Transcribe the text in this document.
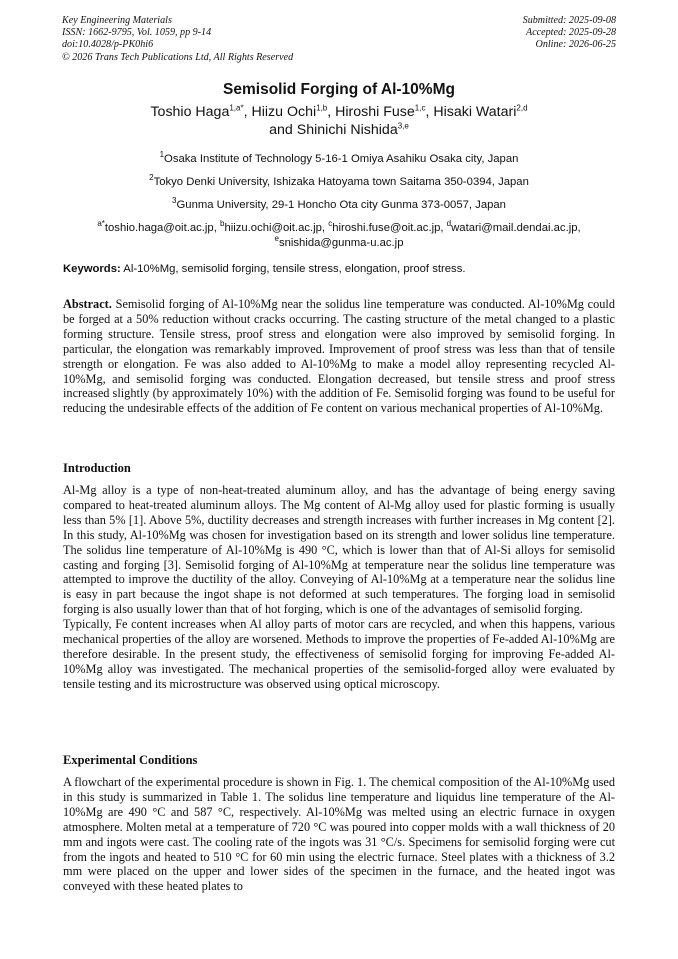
Key Engineering Materials
ISSN: 1662-9795, Vol. 1059, pp 9-14
doi:10.4028/p-PK0hi6
© 2026 Trans Tech Publications Ltd, All Rights Reserved
Submitted: 2025-09-08
Accepted: 2025-09-28
Online: 2026-06-25
Semisolid Forging of Al-10%Mg
Toshio Haga$^{1,a*}$, Hiizu Ochi$^{1,b}$, Hiroshi Fuse$^{1,c}$, Hisaki Watari$^{2,d}$
and Shinichi Nishida$^{3,e}$
$^1$Osaka Institute of Technology 5-16-1 Omiya Asahiku Osaka city, Japan
$^2$Tokyo Denki University, Ishizaka Hatoyama town Saitama 350-0394, Japan
$^3$Gunma University, 29-1 Honcho Ota city Gunma 373-0057, Japan
$^{a*}$toshio.haga@oit.ac.jp, $^b$hiizu.ochi@oit.ac.jp, $^c$hiroshi.fuse@oit.ac.jp, $^d$watari@mail.dendai.ac.jp,
$^e$snishida@gunma-u.ac.jp
Keywords: Al-10%Mg, semisolid forging, tensile stress, elongation, proof stress.

Abstract. Semisolid forging of Al-10%Mg near the solidus line temperature was conducted. Al-10%Mg could be forged at a 50% reduction without cracks occurring. The casting structure of the metal changed to a plastic forming structure. Tensile stress, proof stress and elongation were also improved by semisolid forging. In particular, the elongation was remarkably improved. Improvement of proof stress was less than that of tensile strength or elongation. Fe was also added to Al-10%Mg to make a model alloy representing recycled Al-10%Mg, and semisolid forging was conducted. Elongation decreased, but tensile stress and proof stress increased slightly (by approximately 10%) with the addition of Fe. Semisolid forging was found to be useful for reducing the undesirable effects of the addition of Fe content on various mechanical properties of Al-10%Mg.

Introduction

Al-Mg alloy is a type of non-heat-treated aluminum alloy, and has the advantage of being energy saving compared to heat-treated aluminum alloys. The Mg content of Al-Mg alloy used for plastic forming is usually less than 5% [1]. Above 5%, ductility decreases and strength increases with further increases in Mg content [2]. In this study, Al-10%Mg was chosen for investigation based on its strength and lower solidus line temperature. The solidus line temperature of Al-10%Mg is 490 °C, which is lower than that of Al-Si alloys for semisolid casting and forging [3]. Semisolid forging of Al-10%Mg at temperature near the solidus line temperature was attempted to improve the ductility of the alloy. Conveying of Al-10%Mg at a temperature near the solidus line is easy in part because the ingot shape is not deformed at such temperatures. The forging load in semisolid forging is also usually lower than that of hot forging, which is one of the advantages of semisolid forging.

Typically, Fe content increases when Al alloy parts of motor cars are recycled, and when this happens, various mechanical properties of the alloy are worsened. Methods to improve the properties of Fe-added Al-10%Mg are therefore desirable. In the present study, the effectiveness of semisolid forging for improving Fe-added Al-10%Mg alloy was investigated. The mechanical properties of the semisolid-forged alloy were evaluated by tensile testing and its microstructure was observed using optical microscopy.

Experimental Conditions

A flowchart of the experimental procedure is shown in Fig. 1. The chemical composition of the Al-10%Mg used in this study is summarized in Table 1. The solidus line temperature and liquidus line temperature of the Al-10%Mg are 490 °C and 587 °C, respectively. Al-10%Mg was melted using an electric furnace in oxygen atmosphere. Molten metal at a temperature of 720 °C was poured into copper molds with a wall thickness of 20 mm and ingots were cast. The cooling rate of the ingots was 31 °C/s. Specimens for semisolid forging were cut from the ingots and heated to 510 °C for 60 min using the electric furnace. Steel plates with a thickness of 3.2 mm were placed on the upper and lower sides of the specimen in the furnace, and the heated ingot was conveyed with these heated plates to
